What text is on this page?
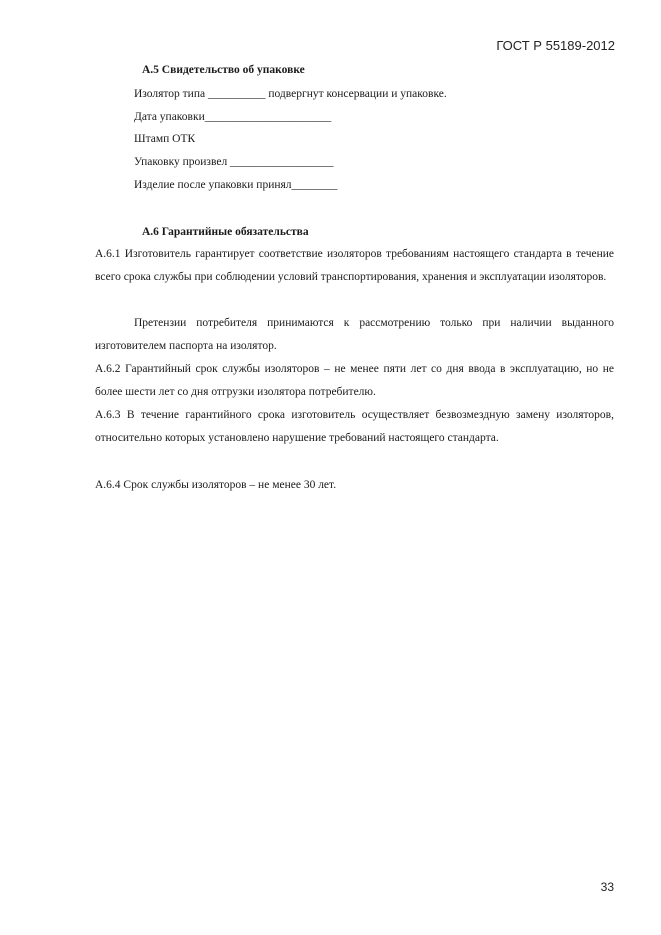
ГОСТ Р 55189-2012
А.5 Свидетельство об упаковке
Изолятор типа __________ подвергнут консервации и упаковке.
Дата упаковки______________________
Штамп ОТК
Упаковку произвел __________________
Изделие после упаковки принял________
А.6 Гарантийные обязательства
А.6.1 Изготовитель гарантирует соответствие изоляторов требованиям настоящего стандарта в течение всего срока службы при соблюдении условий транспортирования, хранения и эксплуатации изоляторов.
Претензии потребителя принимаются к рассмотрению только при наличии выданного изготовителем паспорта на изолятор.
А.6.2 Гарантийный срок службы изоляторов – не менее пяти лет со дня ввода в эксплуатацию, но не более шести лет со дня отгрузки изолятора потребителю.
А.6.3 В течение гарантийного срока изготовитель осуществляет безвозмездную замену изоляторов, относительно которых установлено нарушение требований настоящего стандарта.
А.6.4 Срок службы изоляторов – не менее 30 лет.
33
